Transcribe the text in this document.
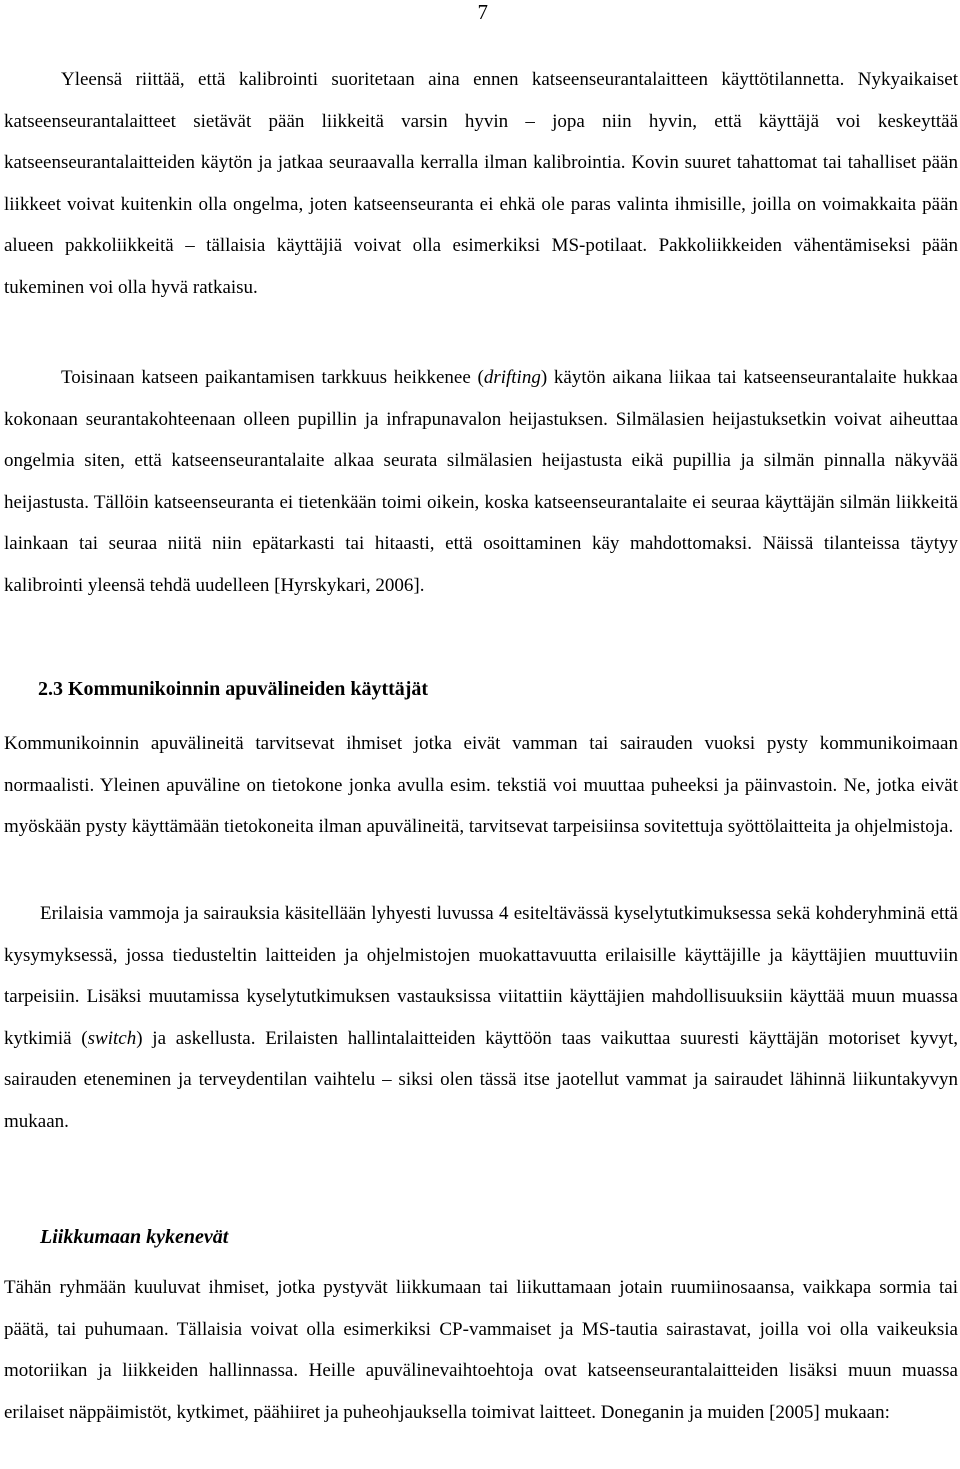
7

Yleensä riittää, että kalibrointi suoritetaan aina ennen katseenseurantalaitteen käyttötilannetta. Nykyaikaiset katseenseurantalaitteet sietävät pään liikkeitä varsin hyvin – jopa niin hyvin, että käyttäjä voi keskeyttää katseenseurantalaitteiden käytön ja jatkaa seuraavalla kerralla ilman kalibrointia. Kovin suuret tahattomat tai tahalliset pään liikkeet voivat kuitenkin olla ongelma, joten katseenseuranta ei ehkä ole paras valinta ihmisille, joilla on voimakkaita pään alueen pakkoliikkeitä – tällaisia käyttäjiä voivat olla esimerkiksi MS-potilaat. Pakkoliikkeiden vähentämiseksi pään tukeminen voi olla hyvä ratkaisu.

Toisinaan katseen paikantamisen tarkkuus heikkenee (drifting) käytön aikana liikaa tai katseenseurantalaite hukkaa kokonaan seurantakohteenaan olleen pupillin ja infrapunavalon heijastuksen. Silmälasien heijastuksetkin voivat aiheuttaa ongelmia siten, että katseenseurantalaite alkaa seurata silmälasien heijastusta eikä pupillia ja silmän pinnalla näkyvää heijastusta. Tällöin katseenseuranta ei tietenkään toimi oikein, koska katseenseurantalaite ei seuraa käyttäjän silmän liikkeitä lainkaan tai seuraa niitä niin epätarkasti tai hitaasti, että osoittaminen käy mahdottomaksi. Näissä tilanteissa täytyy kalibrointi yleensä tehdä uudelleen [Hyrskykari, 2006].

2.3 Kommunikoinnin apuvälineiden käyttäjät

Kommunikoinnin apuvälineitä tarvitsevat ihmiset jotka eivät vamman tai sairauden vuoksi pysty kommunikoimaan normaalisti. Yleinen apuväline on tietokone jonka avulla esim. tekstiä voi muuttaa puheeksi ja päinvastoin. Ne, jotka eivät myöskään pysty käyttämään tietokoneita ilman apuvälineitä, tarvitsevat tarpeisiinsa sovitettuja syöttölaitteita ja ohjelmistoja.

Erilaisia vammoja ja sairauksia käsitellään lyhyesti luvussa 4 esiteltävässä kyselytutkimuksessa sekä kohderyhminä että kysymyksessä, jossa tiedusteltin laitteiden ja ohjelmistojen muokattavuutta erilaisille käyttäjille ja käyttäjien muuttuviin tarpeisiin. Lisäksi muutamissa kyselytutkimuksen vastauksissa viitattiin käyttäjien mahdollisuuksiin käyttää muun muassa kytkimiä (switch) ja askellusta. Erilaisten hallintalaitteiden käyttöön taas vaikuttaa suuresti käyttäjän motoriset kyvyt, sairauden eteneminen ja terveydentilan vaihtelu – siksi olen tässä itse jaotellut vammat ja sairaudet lähinnä liikuntakyvyn mukaan.

Liikkumaan kykenevät

Tähän ryhmään kuuluvat ihmiset, jotka pystyvät liikkumaan tai liikuttamaan jotain ruumiinosaansa, vaikkapa sormia tai päätä, tai puhumaan. Tällaisia voivat olla esimerkiksi CP-vammaiset ja MS-tautia sairastavat, joilla voi olla vaikeuksia motoriikan ja liikkeiden hallinnassa. Heille apuvälinevaihtoehtoja ovat katseenseurantalaitteiden lisäksi muun muassa erilaiset näppäimistöt, kytkimet, päähiiret ja puheohjauksella toimivat laitteet. Doneganin ja muiden [2005] mukaan:
